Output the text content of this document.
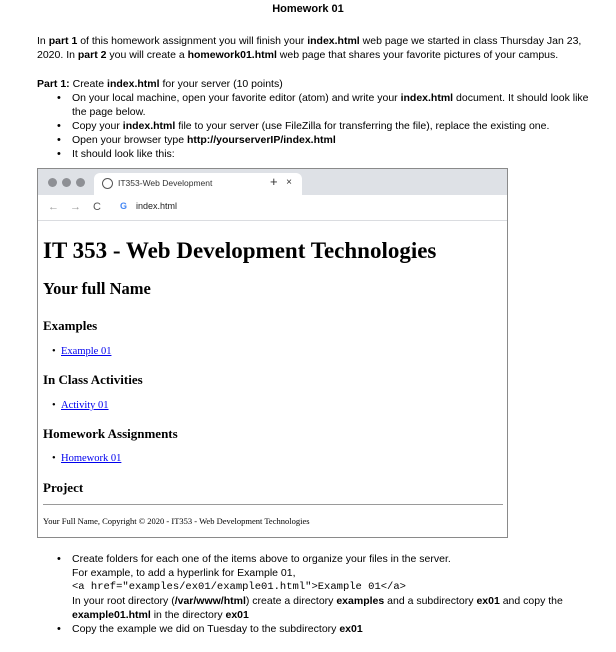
Homework 01
In part 1 of this homework assignment you will finish your index.html web page we started in class Thursday Jan 23, 2020. In part 2 you will create a homework01.html web page that shares your favorite pictures of your campus.
Part 1: Create index.html for your server (10 points)
• On your local machine, open your favorite editor (atom) and write your index.html document. It should look like the page below.
• Copy your index.html file to your server (use FileZilla for transferring the file), replace the existing one.
• Open your browser type http://yourserverIP/index.html
• It should look like this:
IT353-Web Development	×
+
← → C G index.html
IT 353 - Web Development Technologies
Your full Name
Examples
• Example 01
In Class Activities
• Activity 01
Homework Assignments
• Homework 01
Project
Your Full Name, Copyright © 2020 - IT353 - Web Development Technologies
• Create folders for each one of the items above to organize your files in the server.
For example, to add a hyperlink for Example 01,
<a href="examples/ex01/example01.html">Example 01</a>
In your root directory (/var/www/html) create a directory examples and a subdirectory ex01 and copy the example01.html in the directory ex01
• Copy the example we did on Tuesday to the subdirectory ex01
